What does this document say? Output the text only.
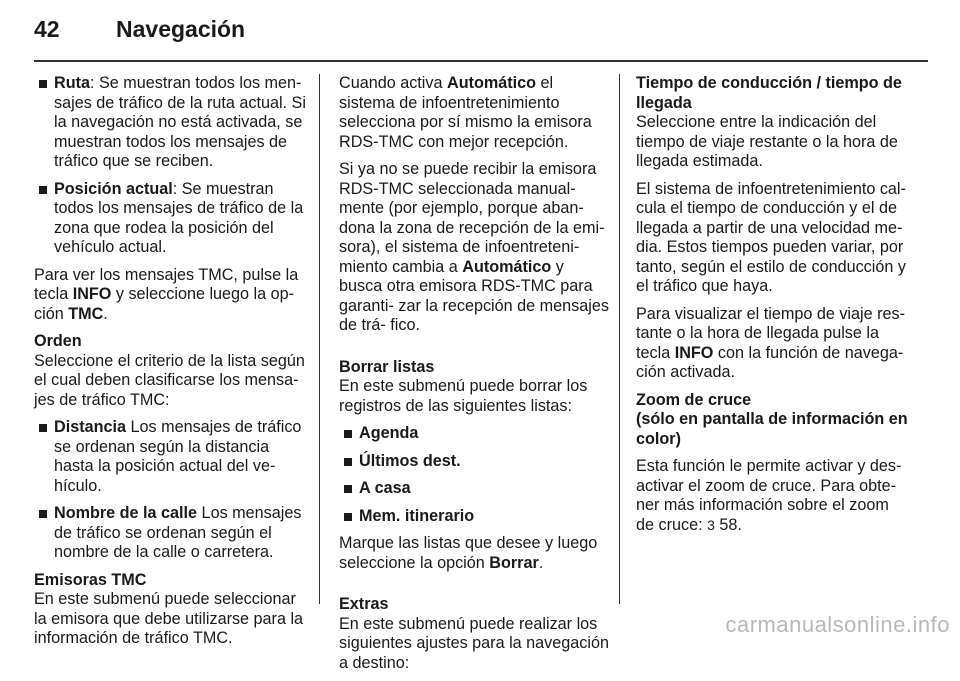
42 Navegación
Ruta: Se muestran todos los men- sajes de tráfico de la ruta actual. Si la navegación no está activada, se muestran todos los mensajes de tráfico que se reciben.
Posición actual: Se muestran todos los mensajes de tráfico de la zona que rodea la posición del vehículo actual.

Para ver los mensajes TMC, pulse la tecla INFO y seleccione luego la op- ción TMC.

Orden

Seleccione el criterio de la lista según el cual deben clasificarse los mensa- jes de tráfico TMC:

Distancia Los mensajes de tráfico se ordenan según la distancia hasta la posición actual del ve- hículo.
Nombre de la calle Los mensajes de tráfico se ordenan según el nombre de la calle o carretera.

Emisoras TMC

En este submenú puede seleccionar la emisora que debe utilizarse para la información de tráfico TMC.

Cuando activa Automático el sistema de infoentretenimiento selecciona por sí mismo la emisora RDS-TMC con mejor recepción.

Si ya no se puede recibir la emisora RDS-TMC seleccionada manual- mente (por ejemplo, porque aban- dona la zona de recepción de la emi- sora), el sistema de infoentreteni- miento cambia a Automático y busca otra emisora RDS-TMC para garanti- zar la recepción de mensajes de trá- fico.

Borrar listas

En este submenú puede borrar los registros de las siguientes listas:

Agenda
Últimos dest.
A casa
Mem. itinerario

Marque las listas que desee y luego seleccione la opción Borrar.

Extras

En este submenú puede realizar los siguientes ajustes para la navegación a destino:

Tiempo de conducción / tiempo de llegada

Seleccione entre la indicación del tiempo de viaje restante o la hora de llegada estimada.

El sistema de infoentretenimiento cal- cula el tiempo de conducción y el de llegada a partir de una velocidad me- dia. Estos tiempos pueden variar, por tanto, según el estilo de conducción y el tráfico que haya.

Para visualizar el tiempo de viaje res- tante o la hora de llegada pulse la tecla INFO con la función de navega- ción activada.

Zoom de cruce

(sólo en pantalla de información en color)

Esta función le permite activar y des- activar el zoom de cruce. Para obte- ner más información sobre el zoom de cruce: 3 58.

carmanualsonline.info
